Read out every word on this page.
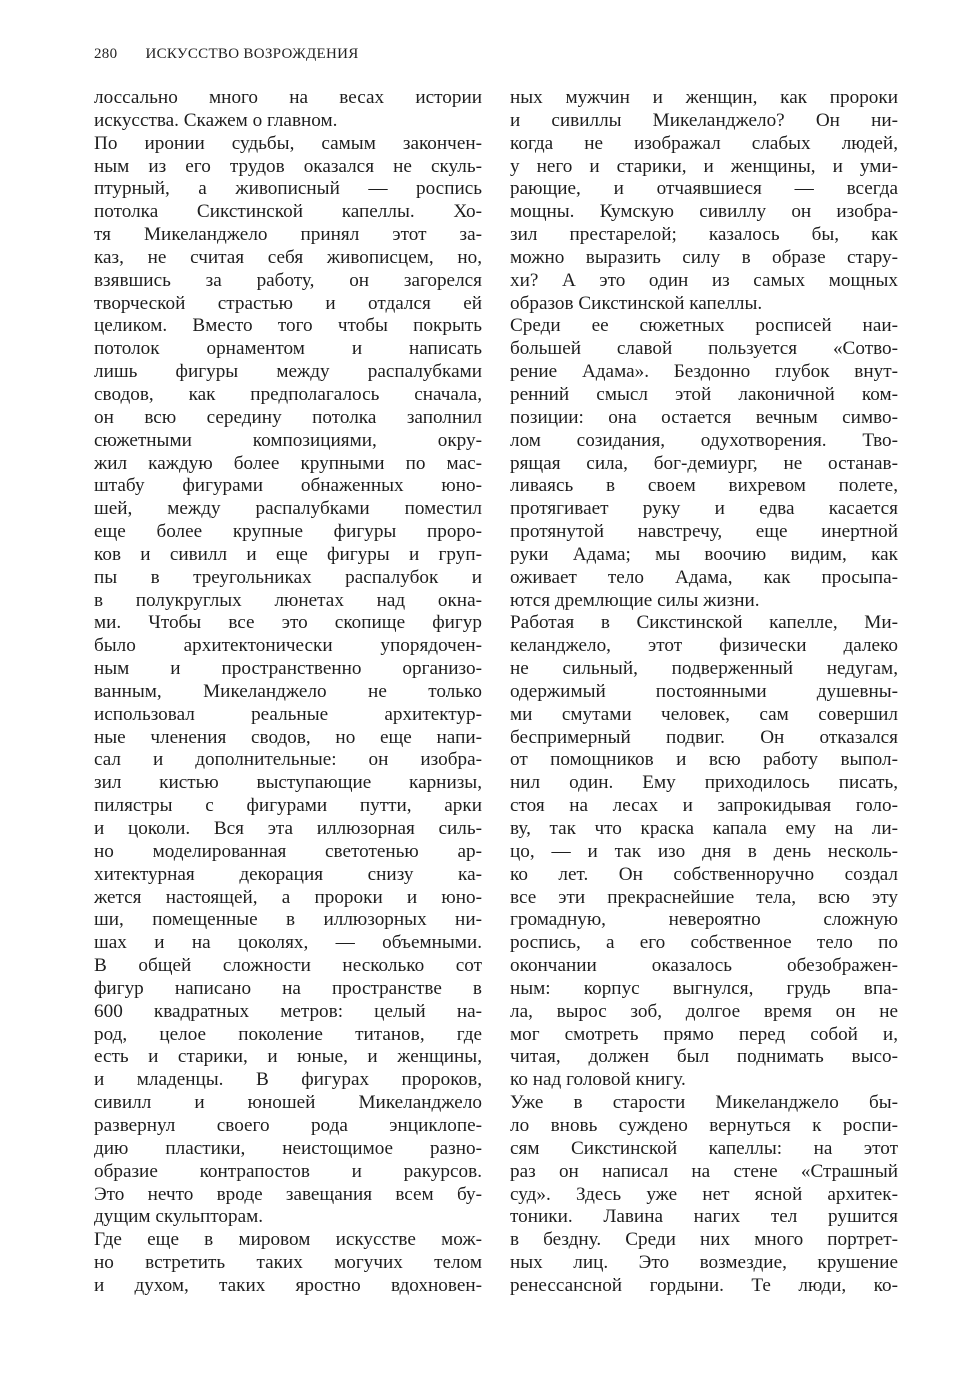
280 ИСКУССТВО ВОЗРОЖДЕНИЯ
лоссально много на весах истории
искусства. Скажем о главном.
По иронии судьбы, самым закончен-
ным из его трудов оказался не скуль-
птурный, а живописный — роспись
потолка Сикстинской капеллы. Хо-
тя Микеланджело принял этот за-
каз, не считая себя живописцем, но,
взявшись за работу, он загорелся
творческой страстью и отдался ей
целиком. Вместо того чтобы покрыть
потолок орнаментом и написать
лишь фигуры между распалубками
сводов, как предполагалось сначала,
он всю середину потолка заполнил
сюжетными композициями, окру-
жил каждую более крупными по мас-
штабу фигурами обнаженных юно-
шей, между распалубками поместил
еще более крупные фигуры проро-
ков и сивилл и еще фигуры и груп-
пы в треугольниках распалубок и
в полукруглых люнетах над окна-
ми. Чтобы все это скопище фигур
было архитектонически упорядочен-
ным и пространственно организо-
ванным, Микеланджело не только
использовал реальные архитектур-
ные членения сводов, но еще напи-
сал и дополнительные: он изобра-
зил кистью выступающие карнизы,
пилястры с фигурами путти, арки
и цоколи. Вся эта иллюзорная силь-
но моделированная светотенью ар-
хитектурная декорация снизу ка-
жется настоящей, а пророки и юно-
ши, помещенные в иллюзорных ни-
шах и на цоколях, — объемными.
В общей сложности несколько сот
фигур написано на пространстве в
600 квадратных метров: целый на-
род, целое поколение титанов, где
есть и старики, и юные, и женщины,
и младенцы. В фигурах пророков,
сивилл и юношей Микеланджело
развернул своего рода энциклопе-
дию пластики, неистощимое разно-
образие контрапостов и ракурсов.
Это нечто вроде завещания всем бу-
дущим скульпторам.
Где еще в мировом искусстве мож-
но встретить таких могучих телом
и духом, таких яростно вдохновен-
ных мужчин и женщин, как пророки
и сивиллы Микеланджело? Он ни-
когда не изображал слабых людей,
у него и старики, и женщины, и уми-
рающие, и отчаявшиеся — всегда
мощны. Кумскую сивиллу он изобра-
зил престарелой; казалось бы, как
можно выразить силу в образе стару-
хи? А это один из самых мощных
образов Сикстинской капеллы.
Среди ее сюжетных росписей наи-
большей славой пользуется «Сотво-
рение Адама». Бездонно глубок внут-
ренний смысл этой лаконичной ком-
позиции: она остается вечным симво-
лом созидания, одухотворения. Тво-
рящая сила, бог-демиург, не останав-
ливаясь в своем вихревом полете,
протягивает руку и едва касается
протянутой навстречу, еще инертной
руки Адама; мы воочию видим, как
оживает тело Адама, как просыпа-
ются дремлющие силы жизни.
Работая в Сикстинской капелле, Ми-
келанджело, этот физически далеко
не сильный, подверженный недугам,
одержимый постоянными душевны-
ми смутами человек, сам совершил
беспримерный подвиг. Он отказался
от помощников и всю работу выпол-
нил один. Ему приходилось писать,
стоя на лесах и запрокидывая голо-
ву, так что краска капала ему на ли-
цо, — и так изо дня в день несколь-
ко лет. Он собственноручно создал
все эти прекраснейшие тела, всю эту
громадную, невероятно сложную
роспись, а его собственное тело по
окончании оказалось обезображен-
ным: корпус выгнулся, грудь впа-
ла, вырос зоб, долгое время он не
мог смотреть прямо перед собой и,
читая, должен был поднимать высо-
ко над головой книгу.
Уже в старости Микеланджело бы-
ло вновь суждено вернуться к роспи-
сям Сикстинской капеллы: на этот
раз он написал на стене «Страшный
суд». Здесь уже нет ясной архитек-
тоники. Лавина нагих тел рушится
в бездну. Среди них много портрет-
ных лиц. Это возмездие, крушение
ренессансной гордыни. Те люди, ко-
